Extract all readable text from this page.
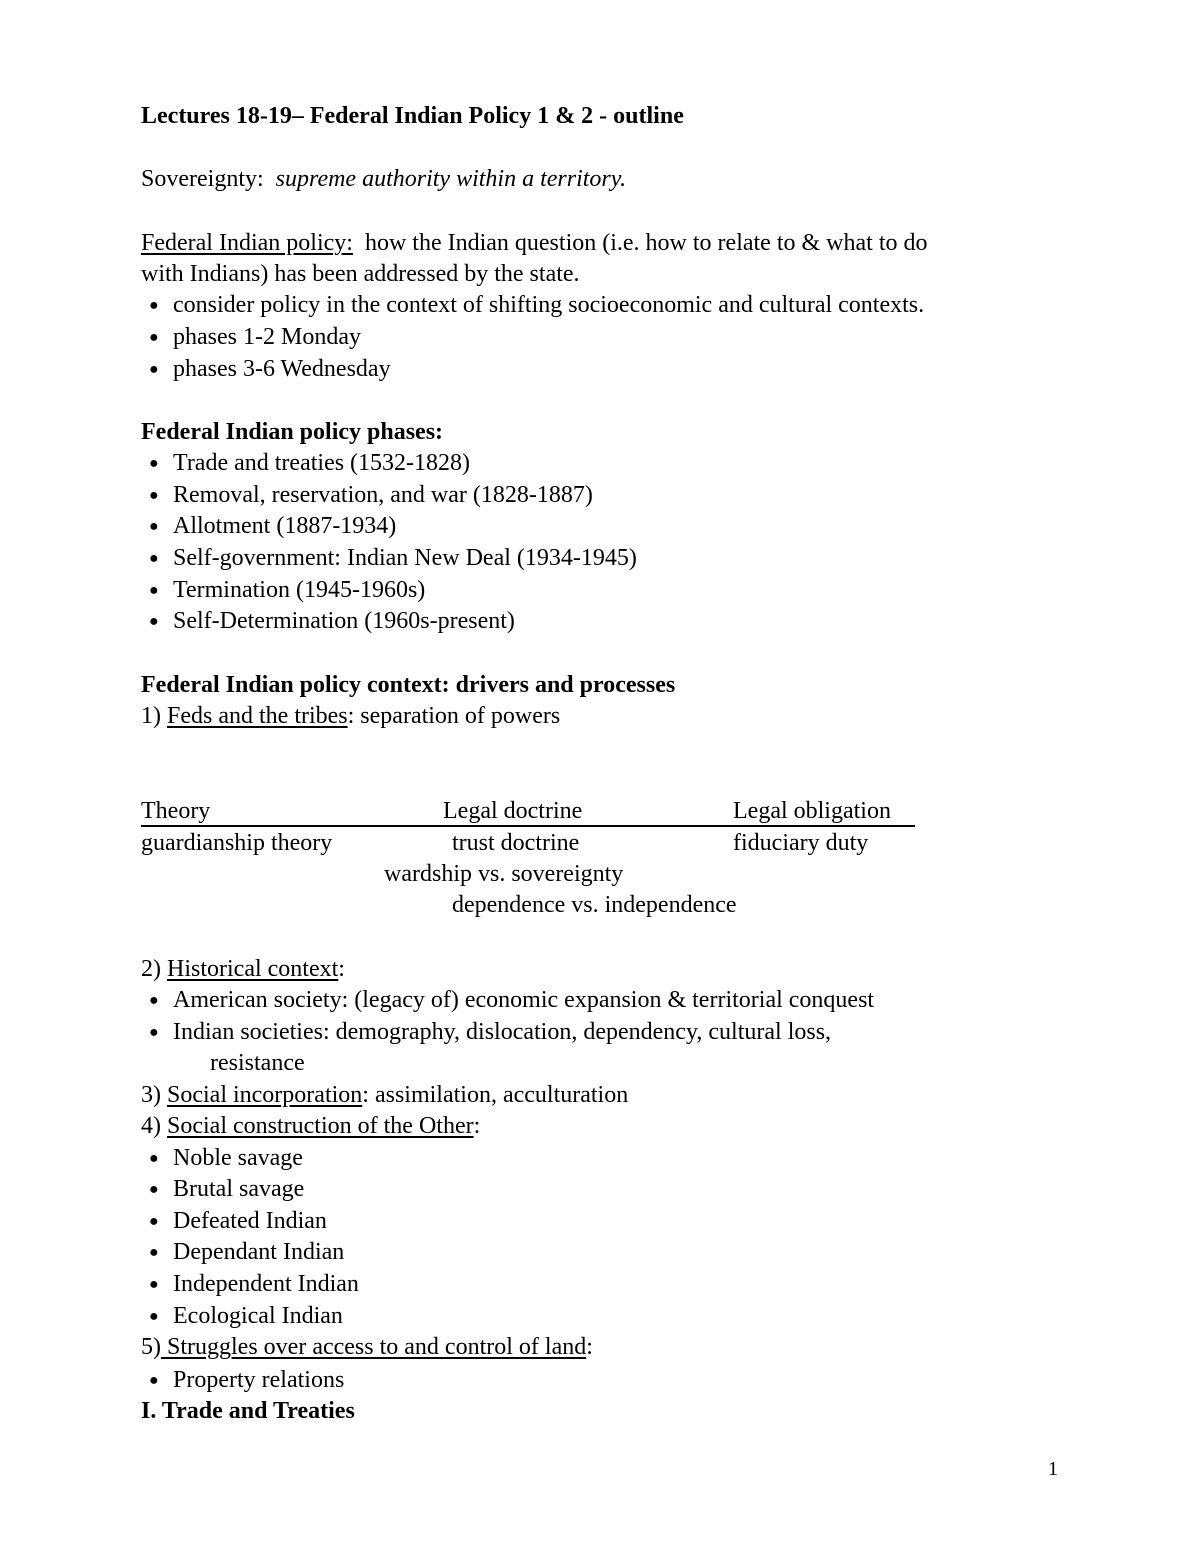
Lectures 18-19– Federal Indian Policy 1 & 2 - outline
Sovereignty: supreme authority within a territory.
Federal Indian policy: how the Indian question (i.e. how to relate to & what to do
with Indians) has been addressed by the state.
● consider policy in the context of shifting socioeconomic and cultural contexts.
● phases 1-2 Monday
● phases 3-6 Wednesday
Federal Indian policy phases:
● Trade and treaties (1532-1828)
● Removal, reservation, and war (1828-1887)
● Allotment (1887-1934)
● Self-government: Indian New Deal (1934-1945)
● Termination (1945-1960s)
● Self-Determination (1960s-present)
Federal Indian policy context: drivers and processes
1) Feds and the tribes: separation of powers
Theory	Legal doctrine	Legal obligation
guardianship theory	trust doctrine	fiduciary duty
wardship vs. sovereignty
dependence vs. independence
2) Historical context:
● American society: (legacy of) economic expansion & territorial conquest
● Indian societies: demography, dislocation, dependency, cultural loss,
resistance
3) Social incorporation: assimilation, acculturation
4) Social construction of the Other:
● Noble savage
● Brutal savage
● Defeated Indian
● Dependant Indian
● Independent Indian
● Ecological Indian
5) Struggles over access to and control of land:
● Property relations
I. Trade and Treaties
1
